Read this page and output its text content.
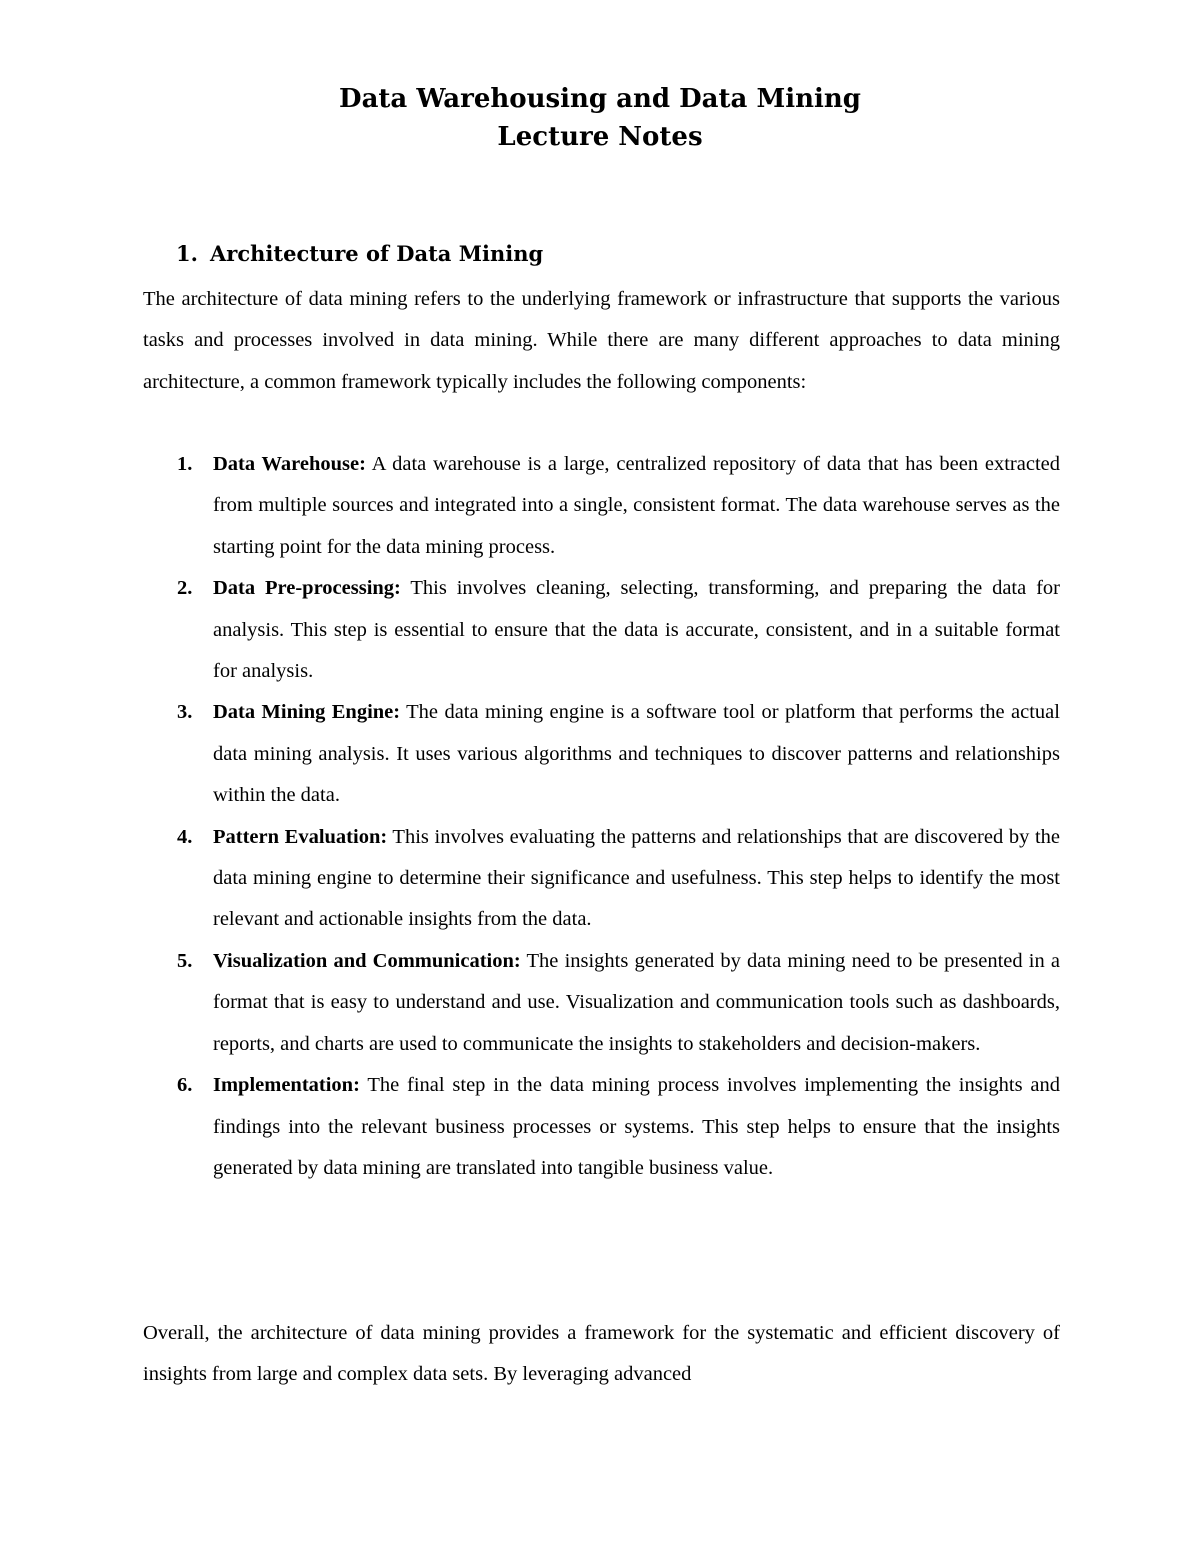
Data Warehousing and Data Mining
Lecture Notes
1. Architecture of Data Mining
The architecture of data mining refers to the underlying framework or infrastructure that supports the various tasks and processes involved in data mining. While there are many different approaches to data mining architecture, a common framework typically includes the following components:
1. Data Warehouse: A data warehouse is a large, centralized repository of data that has been extracted from multiple sources and integrated into a single, consistent format. The data warehouse serves as the starting point for the data mining process.
2. Data Pre-processing: This involves cleaning, selecting, transforming, and preparing the data for analysis. This step is essential to ensure that the data is accurate, consistent, and in a suitable format for analysis.
3. Data Mining Engine: The data mining engine is a software tool or platform that performs the actual data mining analysis. It uses various algorithms and techniques to discover patterns and relationships within the data.
4. Pattern Evaluation: This involves evaluating the patterns and relationships that are discovered by the data mining engine to determine their significance and usefulness. This step helps to identify the most relevant and actionable insights from the data.
5. Visualization and Communication: The insights generated by data mining need to be presented in a format that is easy to understand and use. Visualization and communication tools such as dashboards, reports, and charts are used to communicate the insights to stakeholders and decision-makers.
6. Implementation: The final step in the data mining process involves implementing the insights and findings into the relevant business processes or systems. This step helps to ensure that the insights generated by data mining are translated into tangible business value.
Overall, the architecture of data mining provides a framework for the systematic and efficient discovery of insights from large and complex data sets. By leveraging advanced
